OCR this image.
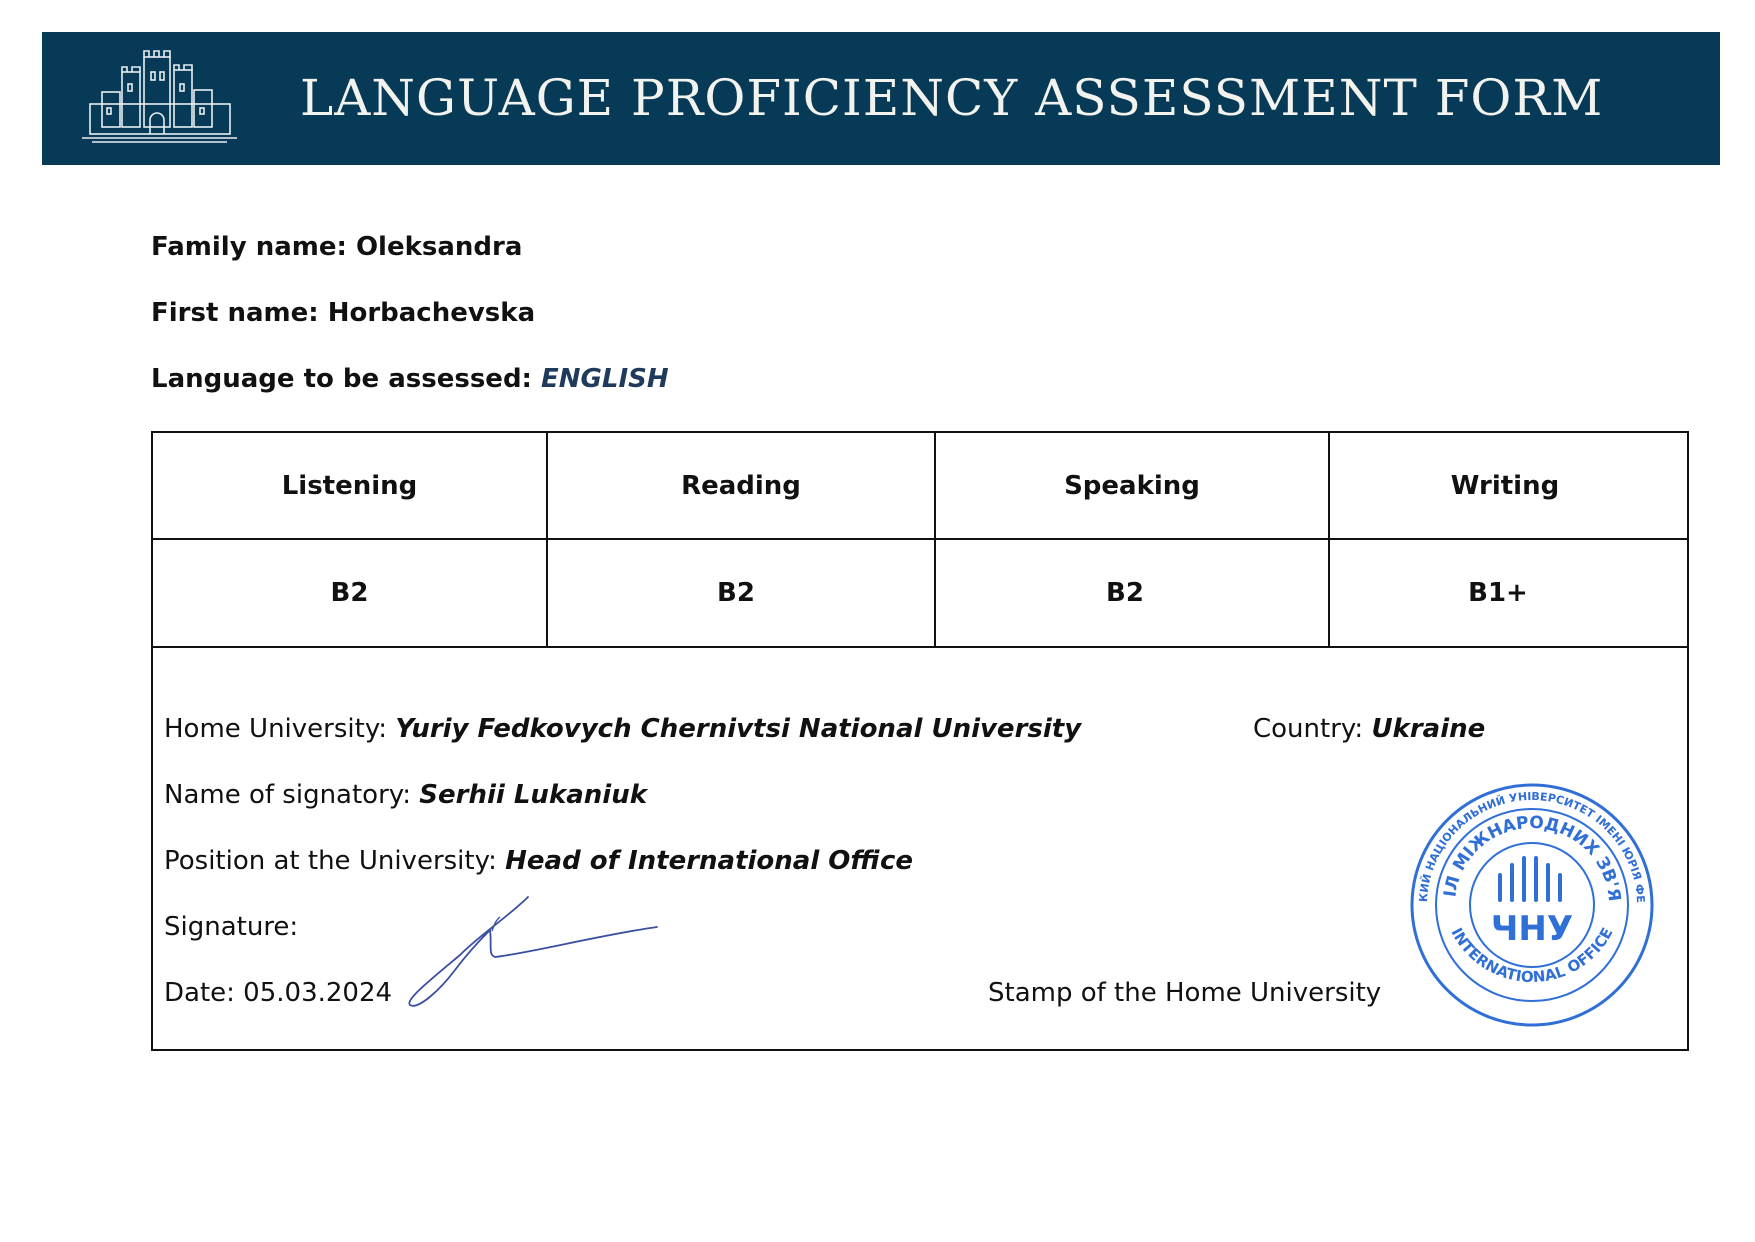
LANGUAGE PROFICIENCY ASSESSMENT FORM
Family name: Oleksandra
First name: Horbachevska
Language to be assessed: ENGLISH
Listening	Reading	Speaking	Writing
B2	B2	B2	B1+
Home University: Yuriy Fedkovych Chernivtsi National University	Country: Ukraine
Name of signatory: Serhii Lukaniuk
Position at the University: Head of International Office
Signature:
Date: 05.03.2024	Stamp of the Home University
КИЙ НАЦІОНАЛЬНИЙ УНІВЕРСИТЕТ ІМЕНІ ЮРІЯ ФЕ
ІЛ МІЖНАРОДНИХ ЗВ'Я
INTERNATIONAL OFFICE
ЧНУ
